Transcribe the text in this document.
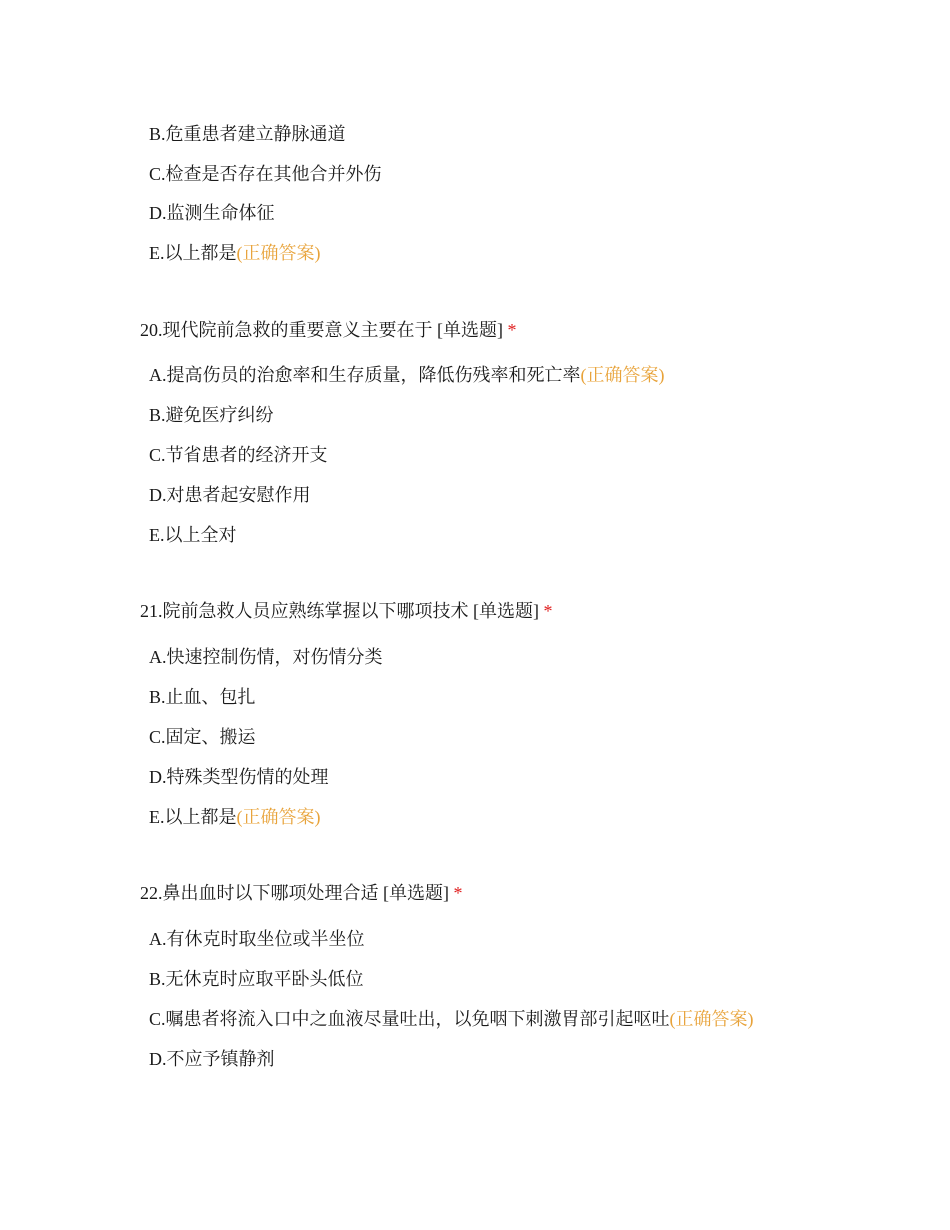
B.危重患者建立静脉通道
C.检查是否存在其他合并外伤
D.监测生命体征
E.以上都是(正确答案)
20.现代院前急救的重要意义主要在于 [单选题] *
A.提高伤员的治愈率和生存质量，降低伤残率和死亡率(正确答案)
B.避免医疗纠纷
C.节省患者的经济开支
D.对患者起安慰作用
E.以上全对
21.院前急救人员应熟练掌握以下哪项技术 [单选题] *
A.快速控制伤情，对伤情分类
B.止血、包扎
C.固定、搬运
D.特殊类型伤情的处理
E.以上都是(正确答案)
22.鼻出血时以下哪项处理合适 [单选题] *
A.有休克时取坐位或半坐位
B.无休克时应取平卧头低位
C.嘱患者将流入口中之血液尽量吐出，以免咽下刺激胃部引起呕吐(正确答案)
D.不应予镇静剂
